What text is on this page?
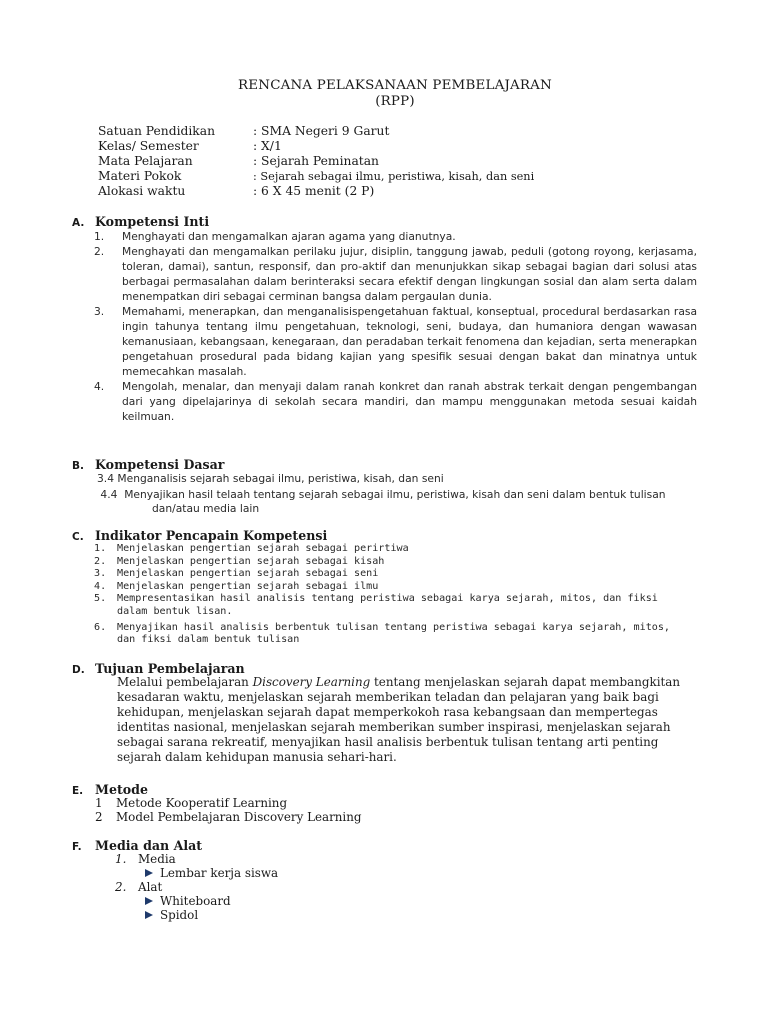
RENCANA PELAKSANAAN PEMBELAJARAN
(RPP)
Satuan Pendidikan	: SMA Negeri 9 Garut
Kelas/ Semester	: X/1
Mata Pelajaran	: Sejarah Peminatan
Materi Pokok	: Sejarah sebagai ilmu, peristiwa, kisah, dan seni
Alokasi waktu	: 6 X 45 menit (2 P)
A. Kompetensi Inti
1. Menghayati dan mengamalkan ajaran agama yang dianutnya.
2. Menghayati dan mengamalkan perilaku jujur, disiplin, tanggung jawab, peduli (gotong royong, kerjasama, toleran, damai), santun, responsif, dan pro-aktif dan menunjukkan sikap sebagai bagian dari solusi atas berbagai permasalahan dalam berinteraksi secara efektif dengan lingkungan sosial dan alam serta dalam menempatkan diri sebagai cerminan bangsa dalam pergaulan dunia.
3. Memahami, menerapkan, dan menganalisispengetahuan faktual, konseptual, procedural berdasarkan rasa ingin tahunya tentang ilmu pengetahuan, teknologi, seni, budaya, dan humaniora dengan wawasan kemanusiaan, kebangsaan, kenegaraan, dan peradaban terkait fenomena dan kejadian, serta menerapkan pengetahuan prosedural pada bidang kajian yang spesifik sesuai dengan bakat dan minatnya untuk memecahkan masalah.
4. Mengolah, menalar, dan menyaji dalam ranah konkret dan ranah abstrak terkait dengan pengembangan dari yang dipelajarinya di sekolah secara mandiri, dan mampu menggunakan metoda sesuai kaidah keilmuan.
B. Kompetensi Dasar
3.4 Menganalisis sejarah sebagai ilmu, peristiwa, kisah, dan seni
4.4  Menyajikan hasil telaah tentang sejarah sebagai ilmu, peristiwa, kisah dan seni dalam bentuk tulisan
dan/atau media lain
C. Indikator Pencapain Kompetensi
1. Menjelaskan pengertian sejarah sebagai perirtiwa
2. Menjelaskan pengertian sejarah sebagai kisah
3. Menjelaskan pengertian sejarah sebagai seni
4. Menjelaskan pengertian sejarah sebagai ilmu
5. Mempresentasikan hasil analisis tentang peristiwa sebagai karya sejarah, mitos, dan fiksi dalam bentuk lisan.
6. Menyajikan hasil analisis berbentuk tulisan tentang peristiwa sebagai karya sejarah, mitos, dan fiksi dalam bentuk tulisan
D. Tujuan Pembelajaran
Melalui pembelajaran Discovery Learning tentang menjelaskan sejarah dapat membangkitan kesadaran waktu, menjelaskan sejarah memberikan teladan dan pelajaran yang baik bagi kehidupan, menjelaskan sejarah dapat memperkokoh rasa kebangsaan dan mempertegas identitas nasional, menjelaskan sejarah memberikan sumber inspirasi, menjelaskan sejarah sebagai sarana rekreatif, menyajikan hasil analisis berbentuk tulisan tentang arti penting sejarah dalam kehidupan manusia sehari-hari.
E. Metode
1 Metode Kooperatif Learning
2 Model Pembelajaran Discovery Learning
F. Media dan Alat
1. Media
Lembar kerja siswa
2. Alat
Whiteboard
Spidol
